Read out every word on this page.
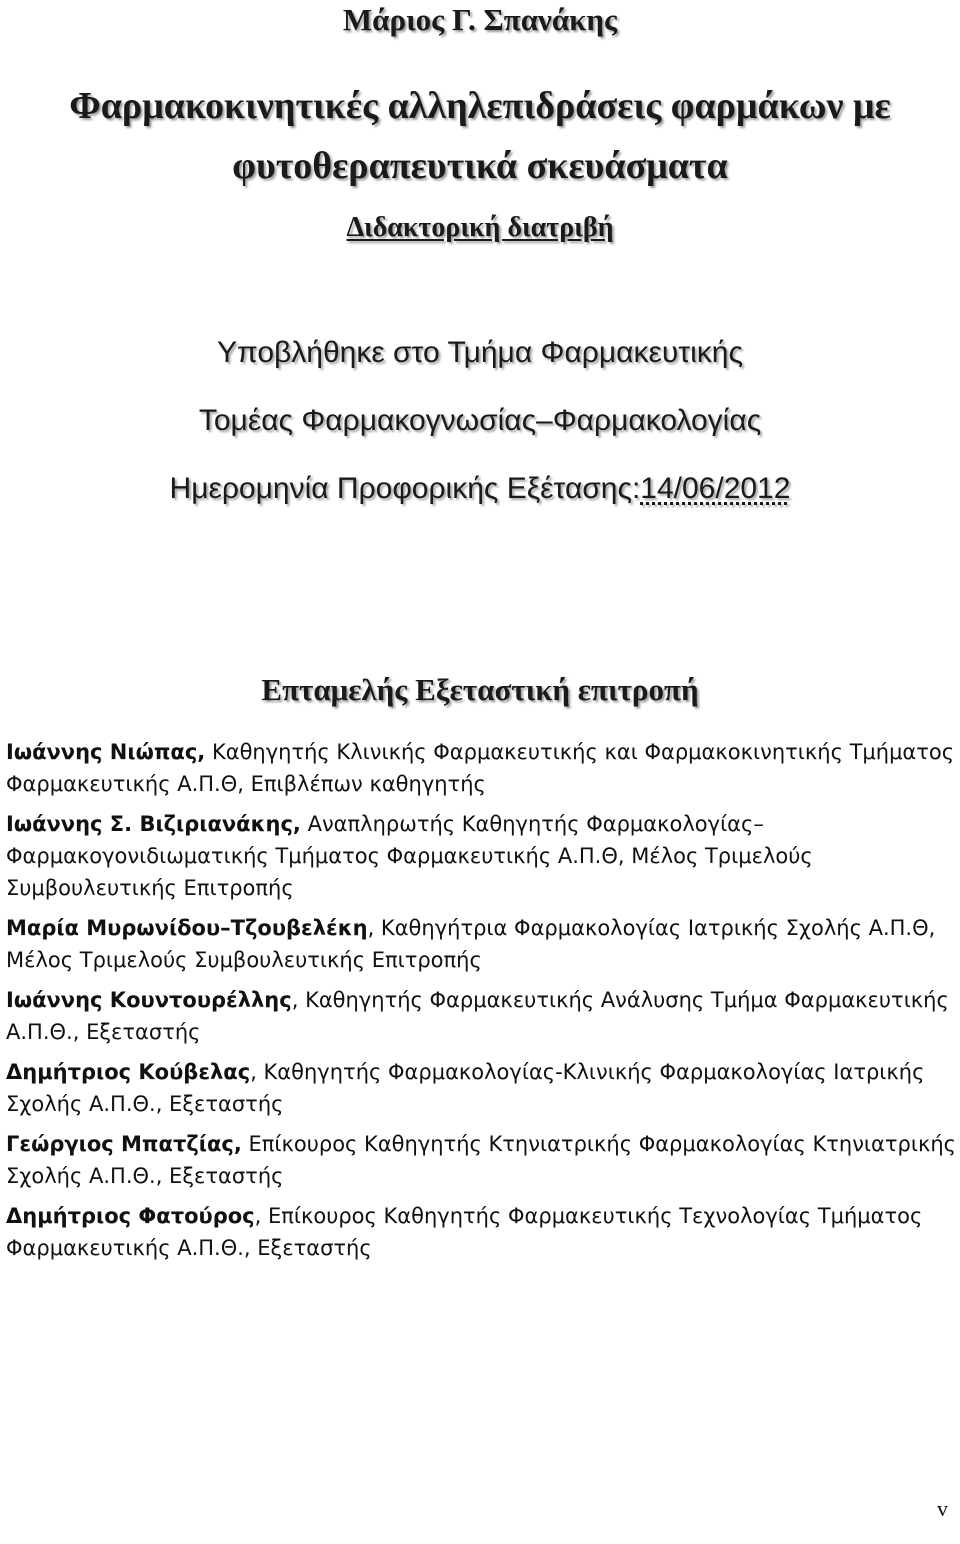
Μάριος Γ. Σπανάκης
Φαρμακοκινητικές αλληλεπιδράσεις φαρμάκων με φυτοθεραπευτικά σκευάσματα
Διδακτορική διατριβή
Υποβλήθηκε στο Τμήμα Φαρμακευτικής
Τομέας Φαρμακογνωσίας–Φαρμακολογίας
Ημερομηνία Προφορικής Εξέτασης:14/06/2012
Επταμελής Εξεταστική επιτροπή

Ιωάννης Νιώπας, Καθηγητής Κλινικής Φαρμακευτικής και Φαρμακοκινητικής Τμήματος Φαρμακευτικής Α.Π.Θ, Επιβλέπων καθηγητής

Ιωάννης Σ. Βιζιριανάκης, Αναπληρωτής Καθηγητής Φαρμακολογίας–Φαρμακογονιδιωματικής Τμήματος Φαρμακευτικής Α.Π.Θ, Μέλος Τριμελούς Συμβουλευτικής Επιτροπής

Μαρία Μυρωνίδου–Τζουβελέκη, Καθηγήτρια Φαρμακολογίας Ιατρικής Σχολής Α.Π.Θ, Μέλος Τριμελούς Συμβουλευτικής Επιτροπής

Ιωάννης Κουντουρέλλης, Καθηγητής Φαρμακευτικής Ανάλυσης Τμήμα Φαρμακευτικής Α.Π.Θ., Εξεταστής

Δημήτριος Κούβελας, Καθηγητής Φαρμακολογίας-Κλινικής Φαρμακολογίας Ιατρικής Σχολής Α.Π.Θ., Εξεταστής

Γεώργιος Μπατζίας, Επίκουρος Καθηγητής Κτηνιατρικής Φαρμακολογίας Κτηνιατρικής Σχολής Α.Π.Θ., Εξεταστής

Δημήτριος Φατούρος, Επίκουρος Καθηγητής Φαρμακευτικής Τεχνολογίας Τμήματος Φαρμακευτικής Α.Π.Θ., Εξεταστής

v
